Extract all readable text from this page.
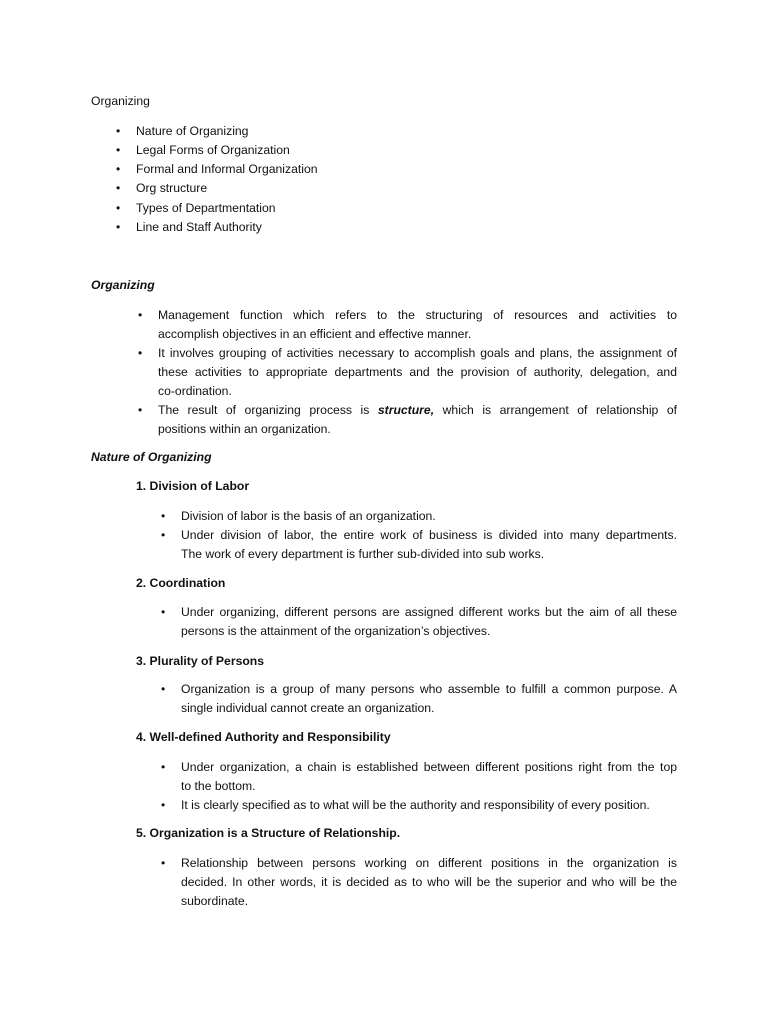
Organizing
• Nature of Organizing
• Legal Forms of Organization
• Formal and Informal Organization
• Org structure
• Types of Departmentation
• Line and Staff Authority
Organizing
• Management function which refers to the structuring of resources and activities to
accomplish objectives in an efficient and effective manner.
• It involves grouping of activities necessary to accomplish goals and plans, the assignment of
these activities to appropriate departments and the provision of authority, delegation, and
co-ordination.
• The result of organizing process is structure, which is arrangement of relationship of
positions within an organization.
Nature of Organizing
1. Division of Labor
• Division of labor is the basis of an organization.
• Under division of labor, the entire work of business is divided into many departments.
The work of every department is further sub-divided into sub works.
2. Coordination
• Under organizing, different persons are assigned different works but the aim of all these
persons is the attainment of the organization’s objectives.
3. Plurality of Persons
• Organization is a group of many persons who assemble to fulfill a common purpose. A
single individual cannot create an organization.
4. Well-defined Authority and Responsibility
• Under organization, a chain is established between different positions right from the top
to the bottom.
• It is clearly specified as to what will be the authority and responsibility of every position.
5. Organization is a Structure of Relationship.
• Relationship between persons working on different positions in the organization is
decided. In other words, it is decided as to who will be the superior and who will be the
subordinate.
